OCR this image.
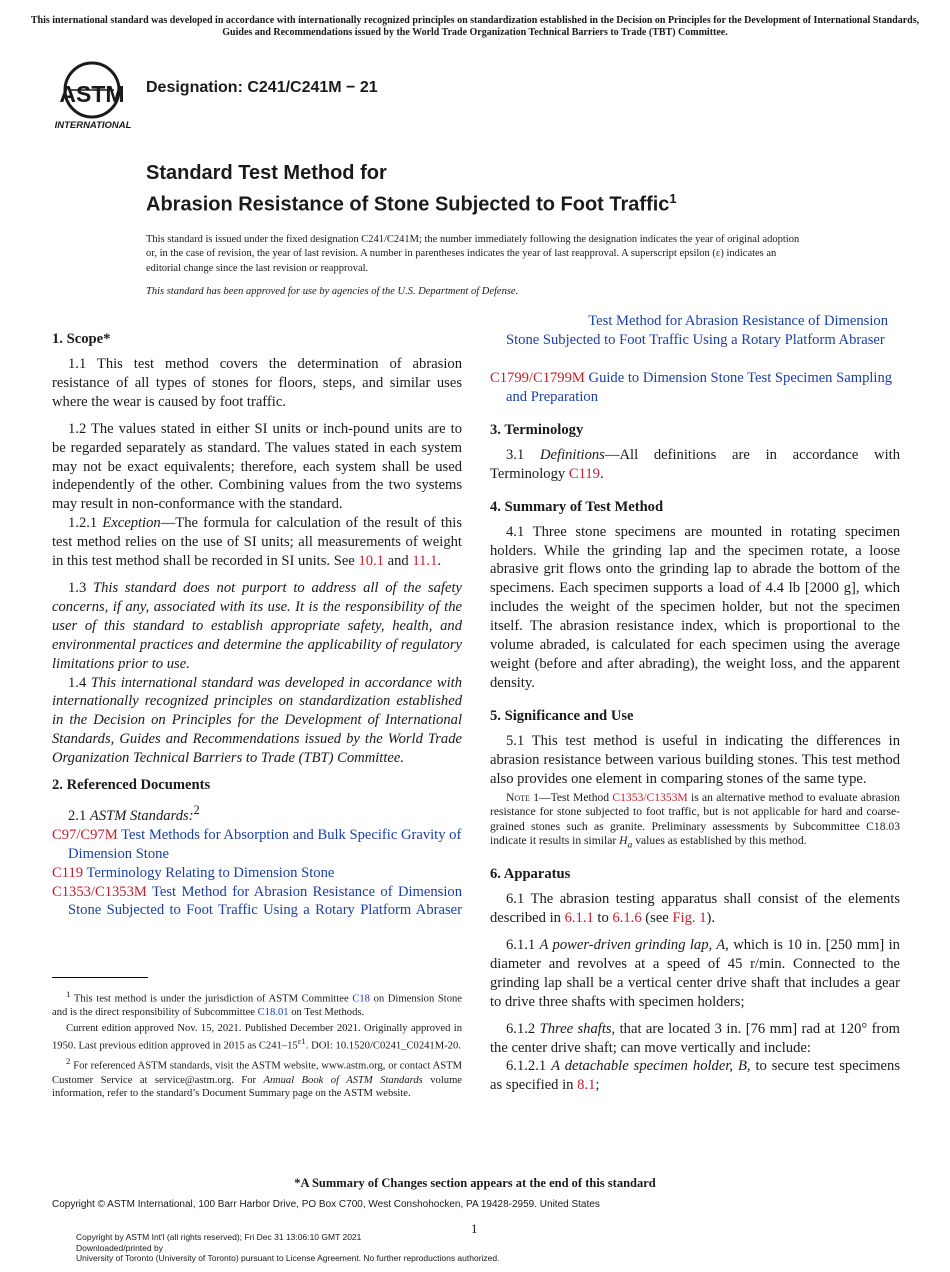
This international standard was developed in accordance with internationally recognized principles on standardization established in the Decision on Principles for the Development of International Standards, Guides and Recommendations issued by the World Trade Organization Technical Barriers to Trade (TBT) Committee.
ASTM
INTERNATIONAL
Designation: C241/C241M − 21
Standard Test Method for
Abrasion Resistance of Stone Subjected to Foot Traffic$^1$
This standard is issued under the fixed designation C241/C241M; the number immediately following the designation indicates the year of original adoption or, in the case of revision, the year of last revision. A number in parentheses indicates the year of last reapproval. A superscript epsilon (ε) indicates an editorial change since the last revision or reapproval.
This standard has been approved for use by agencies of the U.S. Department of Defense.
1. Scope*

1.1 This test method covers the determination of abrasion resistance of all types of stones for floors, steps, and similar uses where the wear is caused by foot traffic.

1.2 The values stated in either SI units or inch-pound units are to be regarded separately as standard. The values stated in each system may not be exact equivalents; therefore, each system shall be used independently of the other. Combining values from the two systems may result in non-conformance with the standard.

1.2.1 Exception—The formula for calculation of the result of this test method relies on the use of SI units; all measurements of weight in this test method shall be recorded in SI units. See 10.1 and 11.1.

1.3 This standard does not purport to address all of the safety concerns, if any, associated with its use. It is the responsibility of the user of this standard to establish appropriate safety, health, and environmental practices and determine the applicability of regulatory limitations prior to use.

1.4 This international standard was developed in accordance with internationally recognized principles on standardization established in the Decision on Principles for the Development of International Standards, Guides and Recommendations issued by the World Trade Organization Technical Barriers to Trade (TBT) Committee.

2. Referenced Documents

2.1 ASTM Standards:$^2$

C97/C97M Test Methods for Absorption and Bulk Specific Gravity of Dimension Stone

C119 Terminology Relating to Dimension Stone

C1353/C1353M Test Method for Abrasion Resistance of Dimension Stone Subjected to Foot Traffic Using a Rotary Platform Abraser

$^1$ This test method is under the jurisdiction of ASTM Committee C18 on Dimension Stone and is the direct responsibility of Subcommittee C18.01 on Test Methods.

Current edition approved Nov. 15, 2021. Published December 2021. Originally approved in 1950. Last previous edition approved in 2015 as $C241-15^{\varepsilon 1}$. DOI: 10.1520/C0241_C0241M-20.

$^2$ For referenced ASTM standards, visit the ASTM website, www.astm.org, or contact ASTM Customer Service at service@astm.org. For Annual Book of ASTM Standards volume information, refer to the standard’s Document Summary page on the ASTM website.

Test Method for Abrasion Resistance of Dimension Stone Subjected to Foot Traffic Using a Rotary Platform Abraser

C1799/C1799M Guide to Dimension Stone Test Specimen Sampling and Preparation

3. Terminology

3.1 Definitions—All definitions are in accordance with Terminology C119.

4. Summary of Test Method

4.1 Three stone specimens are mounted in rotating specimen holders. While the grinding lap and the specimen rotate, a loose abrasive grit flows onto the grinding lap to abrade the bottom of the specimens. Each specimen supports a load of 4.4 lb [2000 g], which includes the weight of the specimen holder, but not the specimen itself. The abrasion resistance index, which is proportional to the volume abraded, is calculated for each specimen using the average weight (before and after abrading), the weight loss, and the apparent density.

5. Significance and Use

5.1 This test method is useful in indicating the differences in abrasion resistance between various building stones. This test method also provides one element in comparing stones of the same type.

Note 1—Test Method C1353/C1353M is an alternative method to evaluate abrasion resistance for stone subjected to foot traffic, but is not applicable for hard and coarse-grained stones such as granite. Preliminary assessments by Subcommittee C18.03 indicate it results in similar $H_a$ values as established by this method.

6. Apparatus

6.1 The abrasion testing apparatus shall consist of the elements described in 6.1.1 to 6.1.6 (see Fig. 1).

6.1.1 A power-driven grinding lap, A, which is 10 in. [250 mm] in diameter and revolves at a speed of 45 r/min. Connected to the grinding lap shall be a vertical center drive shaft that includes a gear to drive three shafts with specimen holders;

6.1.2 Three shafts, that are located 3 in. [76 mm] rad at 120° from the center drive shaft; can move vertically and include:

6.1.2.1 A detachable specimen holder, B, to secure test specimens as specified in 8.1;

*A Summary of Changes section appears at the end of this standard
Copyright © ASTM International, 100 Barr Harbor Drive, PO Box C700, West Conshohocken, PA 19428-2959. United States
1
Copyright by ASTM Int'l (all rights reserved); Fri Dec 31 13:06:10 GMT 2021
Downloaded/printed by
University of Toronto (University of Toronto) pursuant to License Agreement. No further reproductions authorized.
